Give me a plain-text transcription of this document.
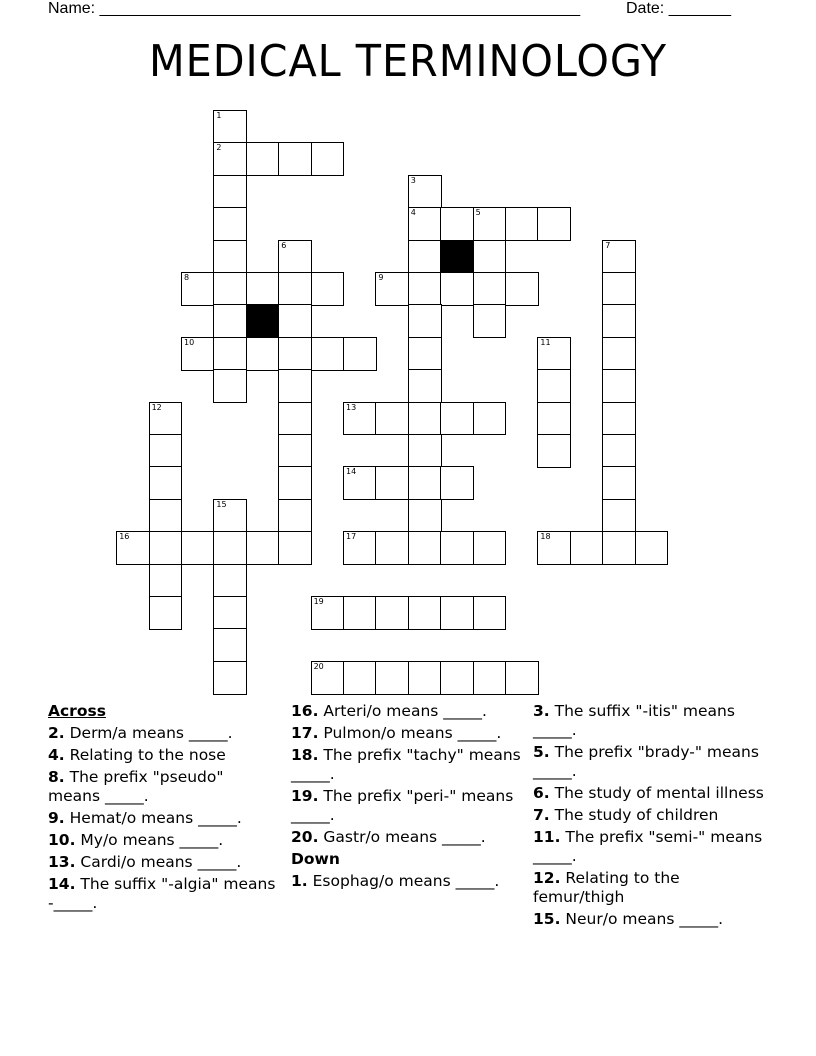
Name: ______________________________________________________	Date: _______
MEDICAL TERMINOLOGY
1
2
3
4	5
6	7
8	9
10	11
12	13
14
15
16	17	18
19
20
Across
2. Derm/a means _____.
4. Relating to the nose
8. The prefix "pseudo" means _____.
9. Hemat/o means _____.
10. My/o means _____.
13. Cardi/o means _____.
14. The suffix "-algia" means -_____.
16. Arteri/o means _____.
17. Pulmon/o means _____.
18. The prefix "tachy" means _____.
19. The prefix "peri-" means _____.
20. Gastr/o means _____.
Down
1. Esophag/o means _____.
3. The suffix "-itis" means _____.
5. The prefix "brady-" means _____.
6. The study of mental illness
7. The study of children
11. The prefix "semi-" means _____.
12. Relating to the femur/thigh
15. Neur/o means _____.
